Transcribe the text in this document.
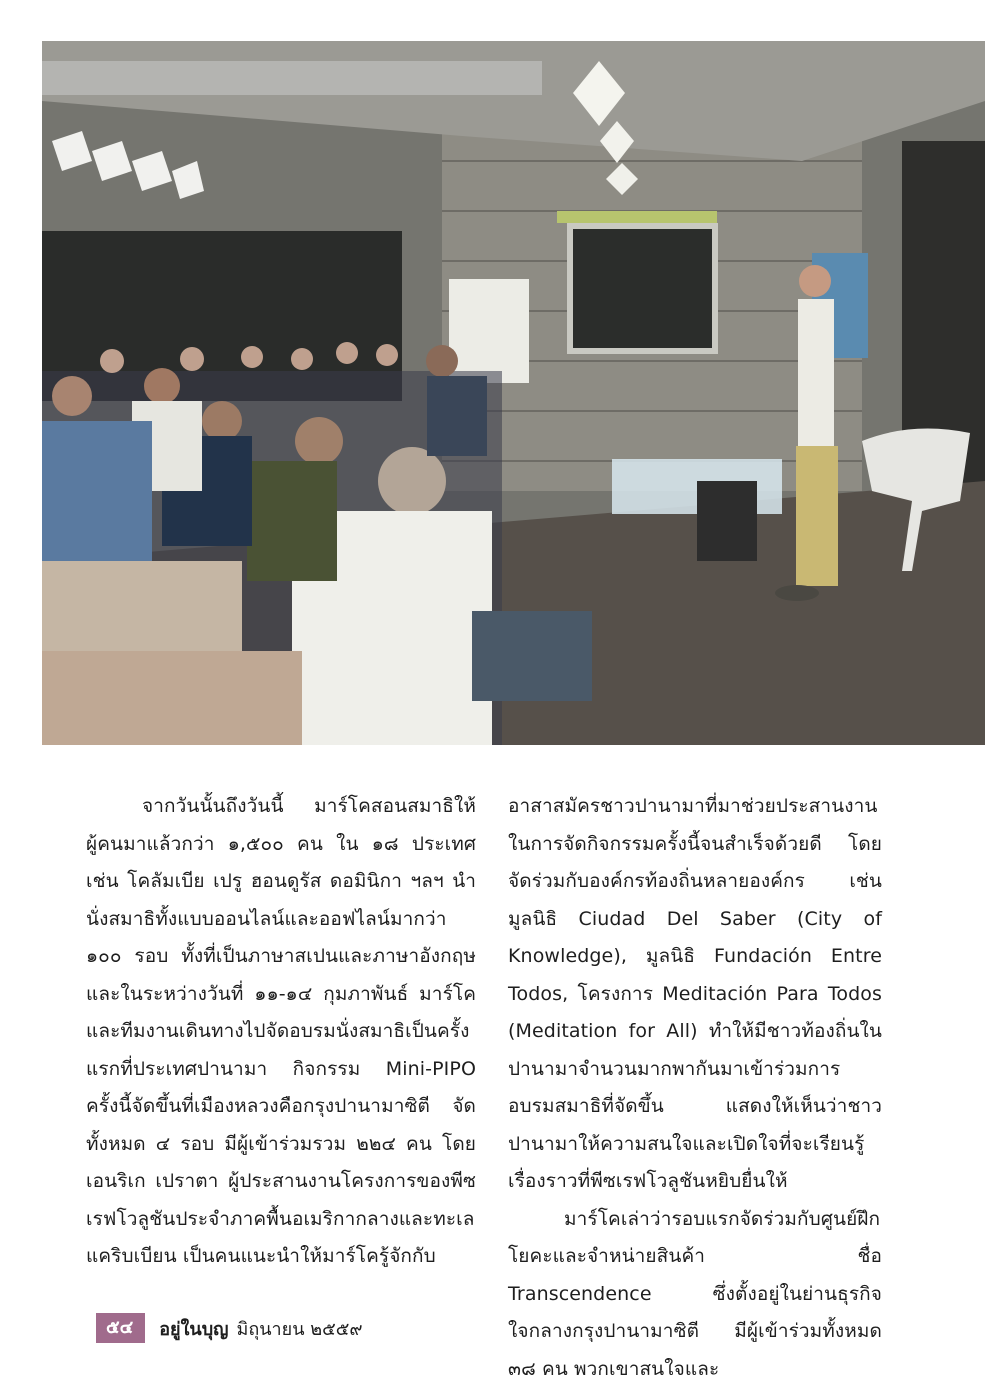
จากวันนั้นถึงวันนี้ มาร์โคสอนสมาธิให้ผู้คนมาแล้วกว่า ๑,๕๐๐ คน ใน ๑๘ ประเทศ เช่น โคลัมเบีย เปรู ฮอนดูรัส ดอมินิกา ฯลฯ นำนั่งสมาธิทั้งแบบออนไลน์และออฟไลน์มากว่า ๑๐๐ รอบ ทั้งที่เป็นภาษาสเปนและภาษาอังกฤษ และในระหว่างวันที่ ๑๑-๑๔ กุมภาพันธ์ มาร์โคและทีมงานเดินทางไปจัดอบรมนั่งสมาธิเป็นครั้งแรกที่ประเทศปานามา กิจกรรม Mini-PIPO ครั้งนี้จัดขึ้นที่เมืองหลวงคือกรุงปานามาซิตี จัดทั้งหมด ๔ รอบ มีผู้เข้าร่วมรวม ๒๒๔ คน โดยเอนริเก เปราตา ผู้ประสานงานโครงการของพีซเรฟโวลูชันประจำภาคพื้นอเมริกากลางและทะเลแคริบเบียน เป็นคนแนะนำให้มาร์โครู้จักกับ

อาสาสมัครชาวปานามาที่มาช่วยประสานงานในการจัดกิจกรรมครั้งนี้จนสำเร็จด้วยดี โดยจัดร่วมกับองค์กรท้องถิ่นหลายองค์กร เช่น มูลนิธิ Ciudad Del Saber (City of Knowledge), มูลนิธิ Fundación Entre Todos, โครงการ Meditación Para Todos (Meditation for All) ทำให้มีชาวท้องถิ่นในปานามาจำนวนมากพากันมาเข้าร่วมการอบรมสมาธิที่จัดขึ้น แสดงให้เห็นว่าชาวปานามาให้ความสนใจและเปิดใจที่จะเรียนรู้เรื่องราวที่พีซเรฟโวลูชันหยิบยื่นให้

มาร์โคเล่าว่ารอบแรกจัดร่วมกับศูนย์ฝึกโยคะและจำหน่ายสินค้า ชื่อ Transcendence ซึ่งตั้งอยู่ในย่านธุรกิจใจกลางกรุงปานามาซิตี มีผู้เข้าร่วมทั้งหมด ๓๘ คน พวกเขาสนใจและ

๕๔	อยู่ในบุญ มิถุนายน ๒๕๕๙
